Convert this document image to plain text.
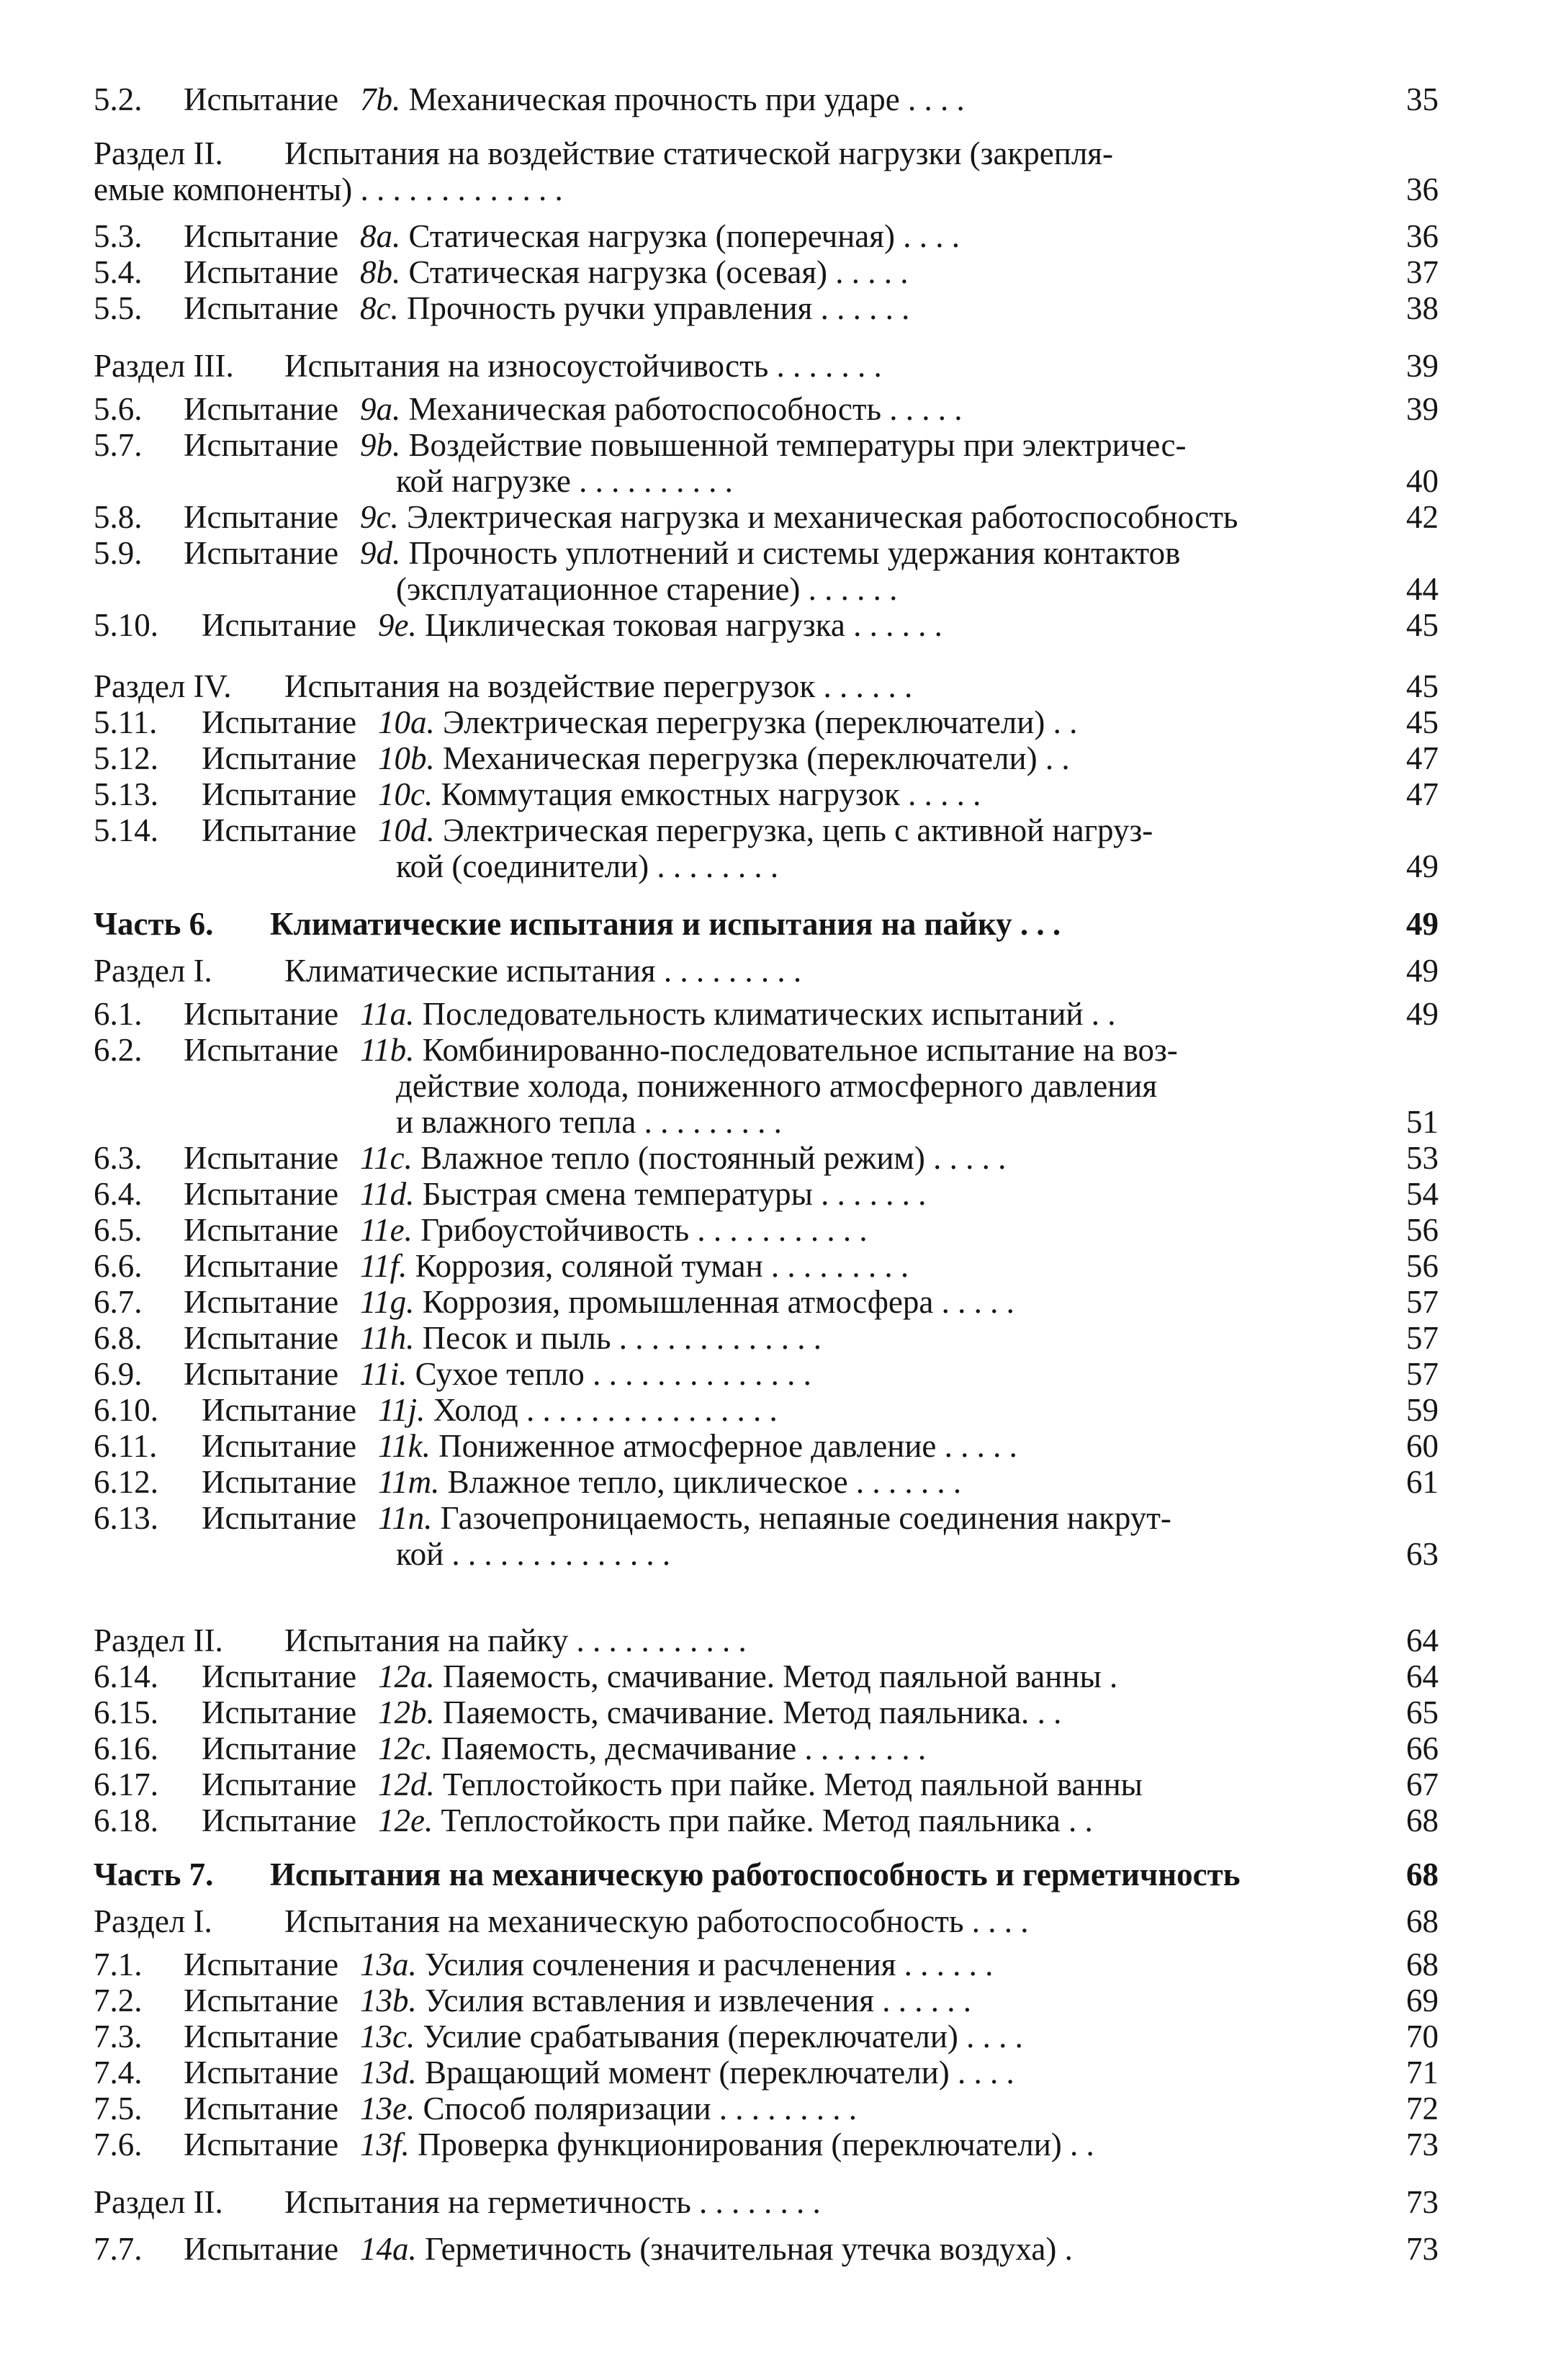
5.2. Испытание 7b. Механическая прочность при ударе . . . .	35
Раздел II. Испытания на воздействие статической нагрузки (закрепля-
емые компоненты) . . . . . . . . . . . . .	36
5.3. Испытание 8a. Статическая нагрузка (поперечная) . . . .	36
5.4. Испытание 8b. Статическая нагрузка (осевая) . . . . .	37
5.5. Испытание 8c. Прочность ручки управления . . . . . .	38
Раздел III. Испытания на износоустойчивость . . . . . . .	39
5.6. Испытание 9a. Механическая работоспособность . . . . .	39
5.7. Испытание 9b. Воздействие повышенной температуры при электричес-
кой нагрузке . . . . . . . . . .	40
5.8. Испытание 9c. Электрическая нагрузка и механическая работоспособность	42
5.9. Испытание 9d. Прочность уплотнений и системы удержания контактов
(эксплуатационное старение) . . . . . .	44
5.10. Испытание 9e. Циклическая токовая нагрузка . . . . . .	45
Раздел IV. Испытания на воздействие перегрузок . . . . . .	45
5.11. Испытание 10a. Электрическая перегрузка (переключатели) . .	45
5.12. Испытание 10b. Механическая перегрузка (переключатели) . .	47
5.13. Испытание 10c. Коммутация емкостных нагрузок . . . . .	47
5.14. Испытание 10d. Электрическая перегрузка, цепь с активной нагруз-
кой (соединители) . . . . . . . .	49
Часть 6. Климатические испытания и испытания на пайку . . .	49
Раздел I. Климатические испытания . . . . . . . . .	49
6.1. Испытание 11a. Последовательность климатических испытаний . .	49
6.2. Испытание 11b. Комбинированно-последовательное испытание на воз-
действие холода, пониженного атмосферного давления
и влажного тепла . . . . . . . . .	51
6.3. Испытание 11c. Влажное тепло (постоянный режим) . . . . .	53
6.4. Испытание 11d. Быстрая смена температуры . . . . . . .	54
6.5. Испытание 11e. Грибоустойчивость . . . . . . . . . . .	56
6.6. Испытание 11f. Коррозия, соляной туман . . . . . . . . .	56
6.7. Испытание 11g. Коррозия, промышленная атмосфера . . . . .	57
6.8. Испытание 11h. Песок и пыль . . . . . . . . . . . . .	57
6.9. Испытание 11i. Сухое тепло . . . . . . . . . . . . . .	57
6.10. Испытание 11j. Холод . . . . . . . . . . . . . . . .	59
6.11. Испытание 11k. Пониженное атмосферное давление . . . . .	60
6.12. Испытание 11m. Влажное тепло, циклическое . . . . . . .	61
6.13. Испытание 11n. Газочепроницаемость, непаяные соединения накрут-
кой . . . . . . . . . . . . . .	63
Раздел II. Испытания на пайку . . . . . . . . . . .	64
6.14. Испытание 12a. Паяемость, смачивание. Метод паяльной ванны .	64
6.15. Испытание 12b. Паяемость, смачивание. Метод паяльника. . .	65
6.16. Испытание 12c. Паяемость, десмачивание . . . . . . . .	66
6.17. Испытание 12d. Теплостойкость при пайке. Метод паяльной ванны	67
6.18. Испытание 12e. Теплостойкость при пайке. Метод паяльника . .	68
Часть 7. Испытания на механическую работоспособность и герметичность	68
Раздел I. Испытания на механическую работоспособность . . . .	68
7.1. Испытание 13a. Усилия сочленения и расчленения . . . . . .	68
7.2. Испытание 13b. Усилия вставления и извлечения . . . . . .	69
7.3. Испытание 13c. Усилие срабатывания (переключатели) . . . .	70
7.4. Испытание 13d. Вращающий момент (переключатели) . . . .	71
7.5. Испытание 13e. Способ поляризации . . . . . . . . .	72
7.6. Испытание 13f. Проверка функционирования (переключатели) . .	73
Раздел II. Испытания на герметичность . . . . . . . .	73
7.7. Испытание 14a. Герметичность (значительная утечка воздуха) .	73
